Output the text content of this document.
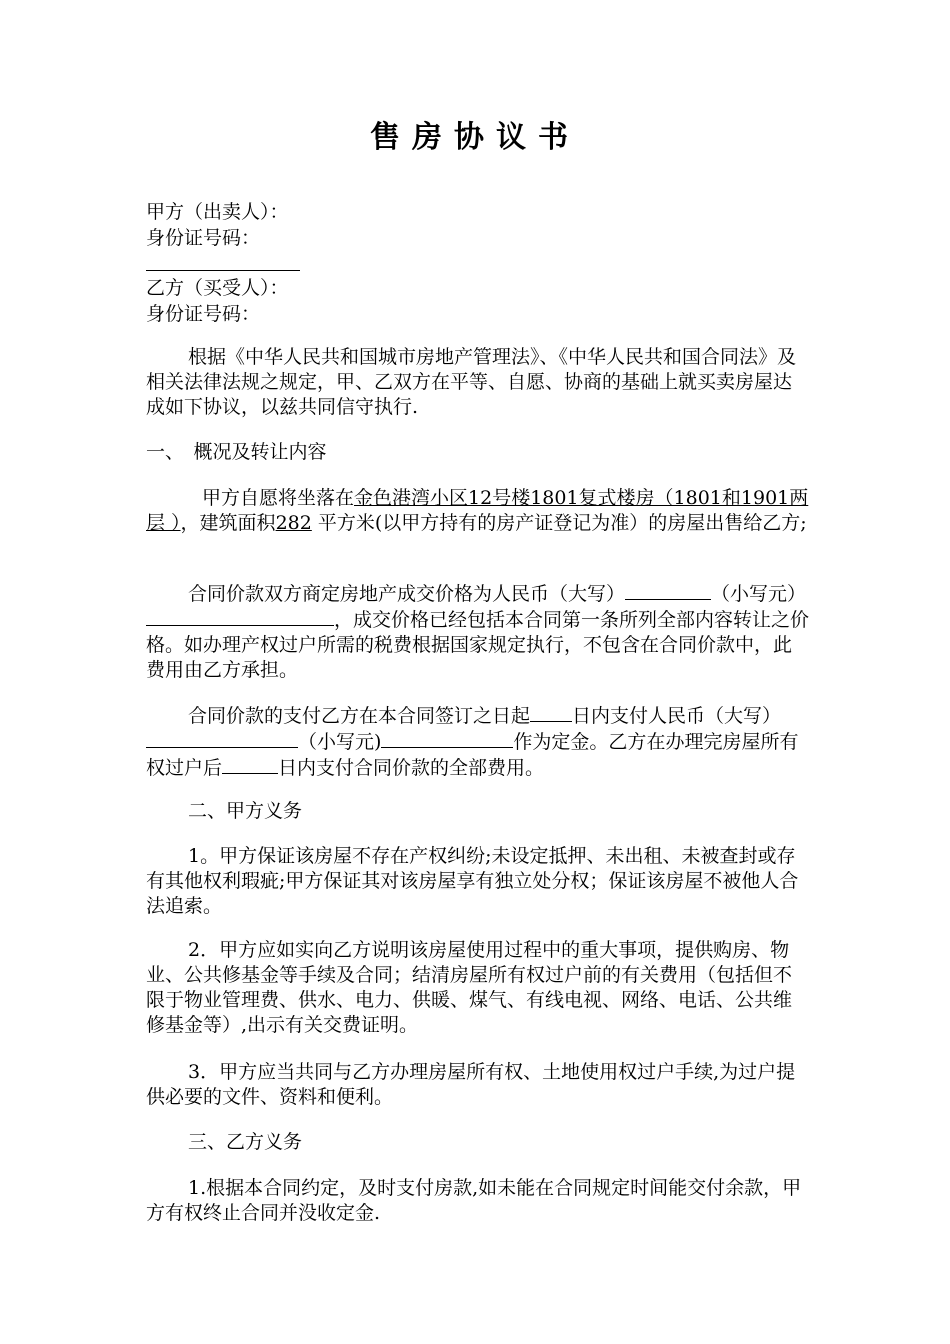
售房协议书
甲方（出卖人）：
身份证号码：
乙方（买受人）：
身份证号码：
根据《中华人民共和国城市房地产管理法》、《中华人民共和国合同法》及相关法律法规之规定，甲、乙双方在平等、自愿、协商的基础上就买卖房屋达成如下协议，以兹共同信守执行.
一、　概况及转让内容
甲方自愿将坐落在金色港湾小区12号楼1801复式楼房（1801和1901两层 ），建筑面积282 平方米(以甲方持有的房产证登记为准）的房屋出售给乙方;
合同价款双方商定房地产成交价格为人民币（大写）	（小写元），成交价格已经包括本合同第一条所列全部内容转让之价格。如办理产权过户所需的税费根据国家规定执行，不包含在合同价款中，此费用由乙方承担。
合同价款的支付乙方在本合同签订之日起 日内支付人民币（大写）（小写元)	作为定金。乙方在办理完房屋所有权过户后	日内支付合同价款的全部费用。
二、甲方义务
1。甲方保证该房屋不存在产权纠纷;未设定抵押、未出租、未被查封或存有其他权利瑕疵;甲方保证其对该房屋享有独立处分权；保证该房屋不被他人合法追索。
2．甲方应如实向乙方说明该房屋使用过程中的重大事项，提供购房、物业、公共修基金等手续及合同；结清房屋所有权过户前的有关费用（包括但不限于物业管理费、供水、电力、供暖、煤气、有线电视、网络、电话、公共维修基金等）,出示有关交费证明。
3．甲方应当共同与乙方办理房屋所有权、土地使用权过户手续,为过户提供必要的文件、资料和便利。
三、乙方义务
1.根据本合同约定，及时支付房款,如未能在合同规定时间能交付余款，甲方有权终止合同并没收定金.
